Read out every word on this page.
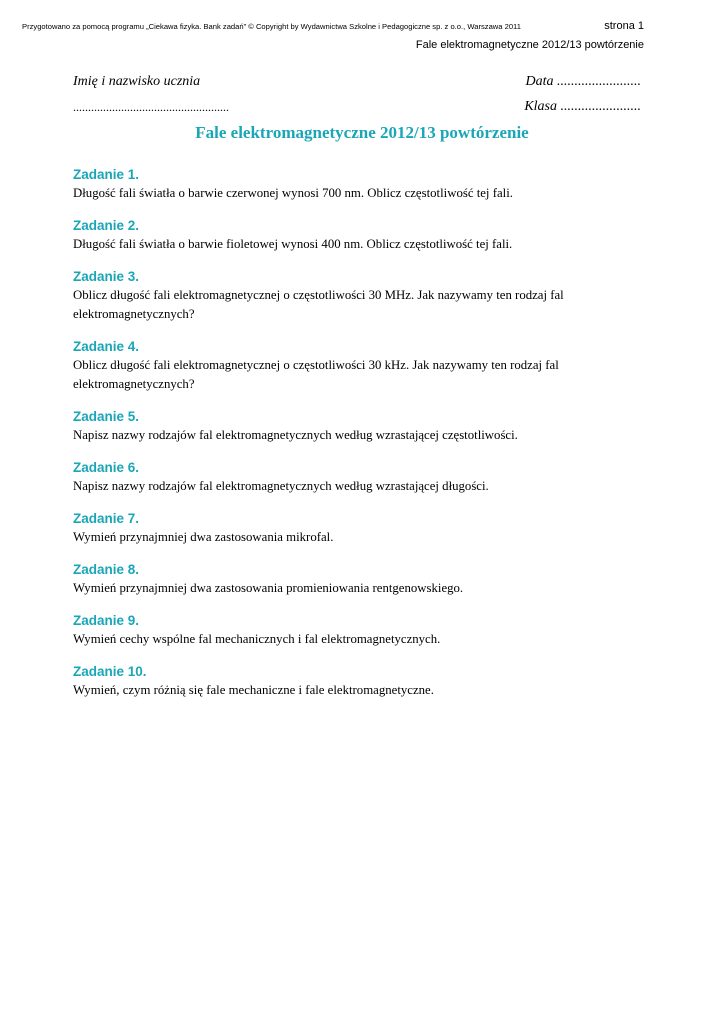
Przygotowano za pomocą programu „Ciekawa fizyka. Bank zadań” © Copyright by Wydawnictwa Szkolne i Pedagogiczne sp. z o.o., Warszawa 2011	strona 1
Fale elektromagnetyczne 2012/13 powtórzenie
Imię i nazwisko ucznia
....................................................
Data ........................
Klasa .......................
Fale elektromagnetyczne 2012/13 powtórzenie
Zadanie 1.
Długość fali światła o barwie czerwonej wynosi 700 nm. Oblicz częstotliwość tej fali.
Zadanie 2.
Długość fali światła o barwie fioletowej wynosi 400 nm. Oblicz częstotliwość tej fali.
Zadanie 3.
Oblicz długość fali elektromagnetycznej o częstotliwości 30 MHz. Jak nazywamy ten rodzaj fal
elektromagnetycznych?
Zadanie 4.
Oblicz długość fali elektromagnetycznej o częstotliwości 30 kHz. Jak nazywamy ten rodzaj fal
elektromagnetycznych?
Zadanie 5.
Napisz nazwy rodzajów fal elektromagnetycznych według wzrastającej częstotliwości.
Zadanie 6.
Napisz nazwy rodzajów fal elektromagnetycznych według wzrastającej długości.
Zadanie 7.
Wymień przynajmniej dwa zastosowania mikrofal.
Zadanie 8.
Wymień przynajmniej dwa zastosowania promieniowania rentgenowskiego.
Zadanie 9.
Wymień cechy wspólne fal mechanicznych i fal elektromagnetycznych.
Zadanie 10.
Wymień, czym różnią się fale mechaniczne i fale elektromagnetyczne.
